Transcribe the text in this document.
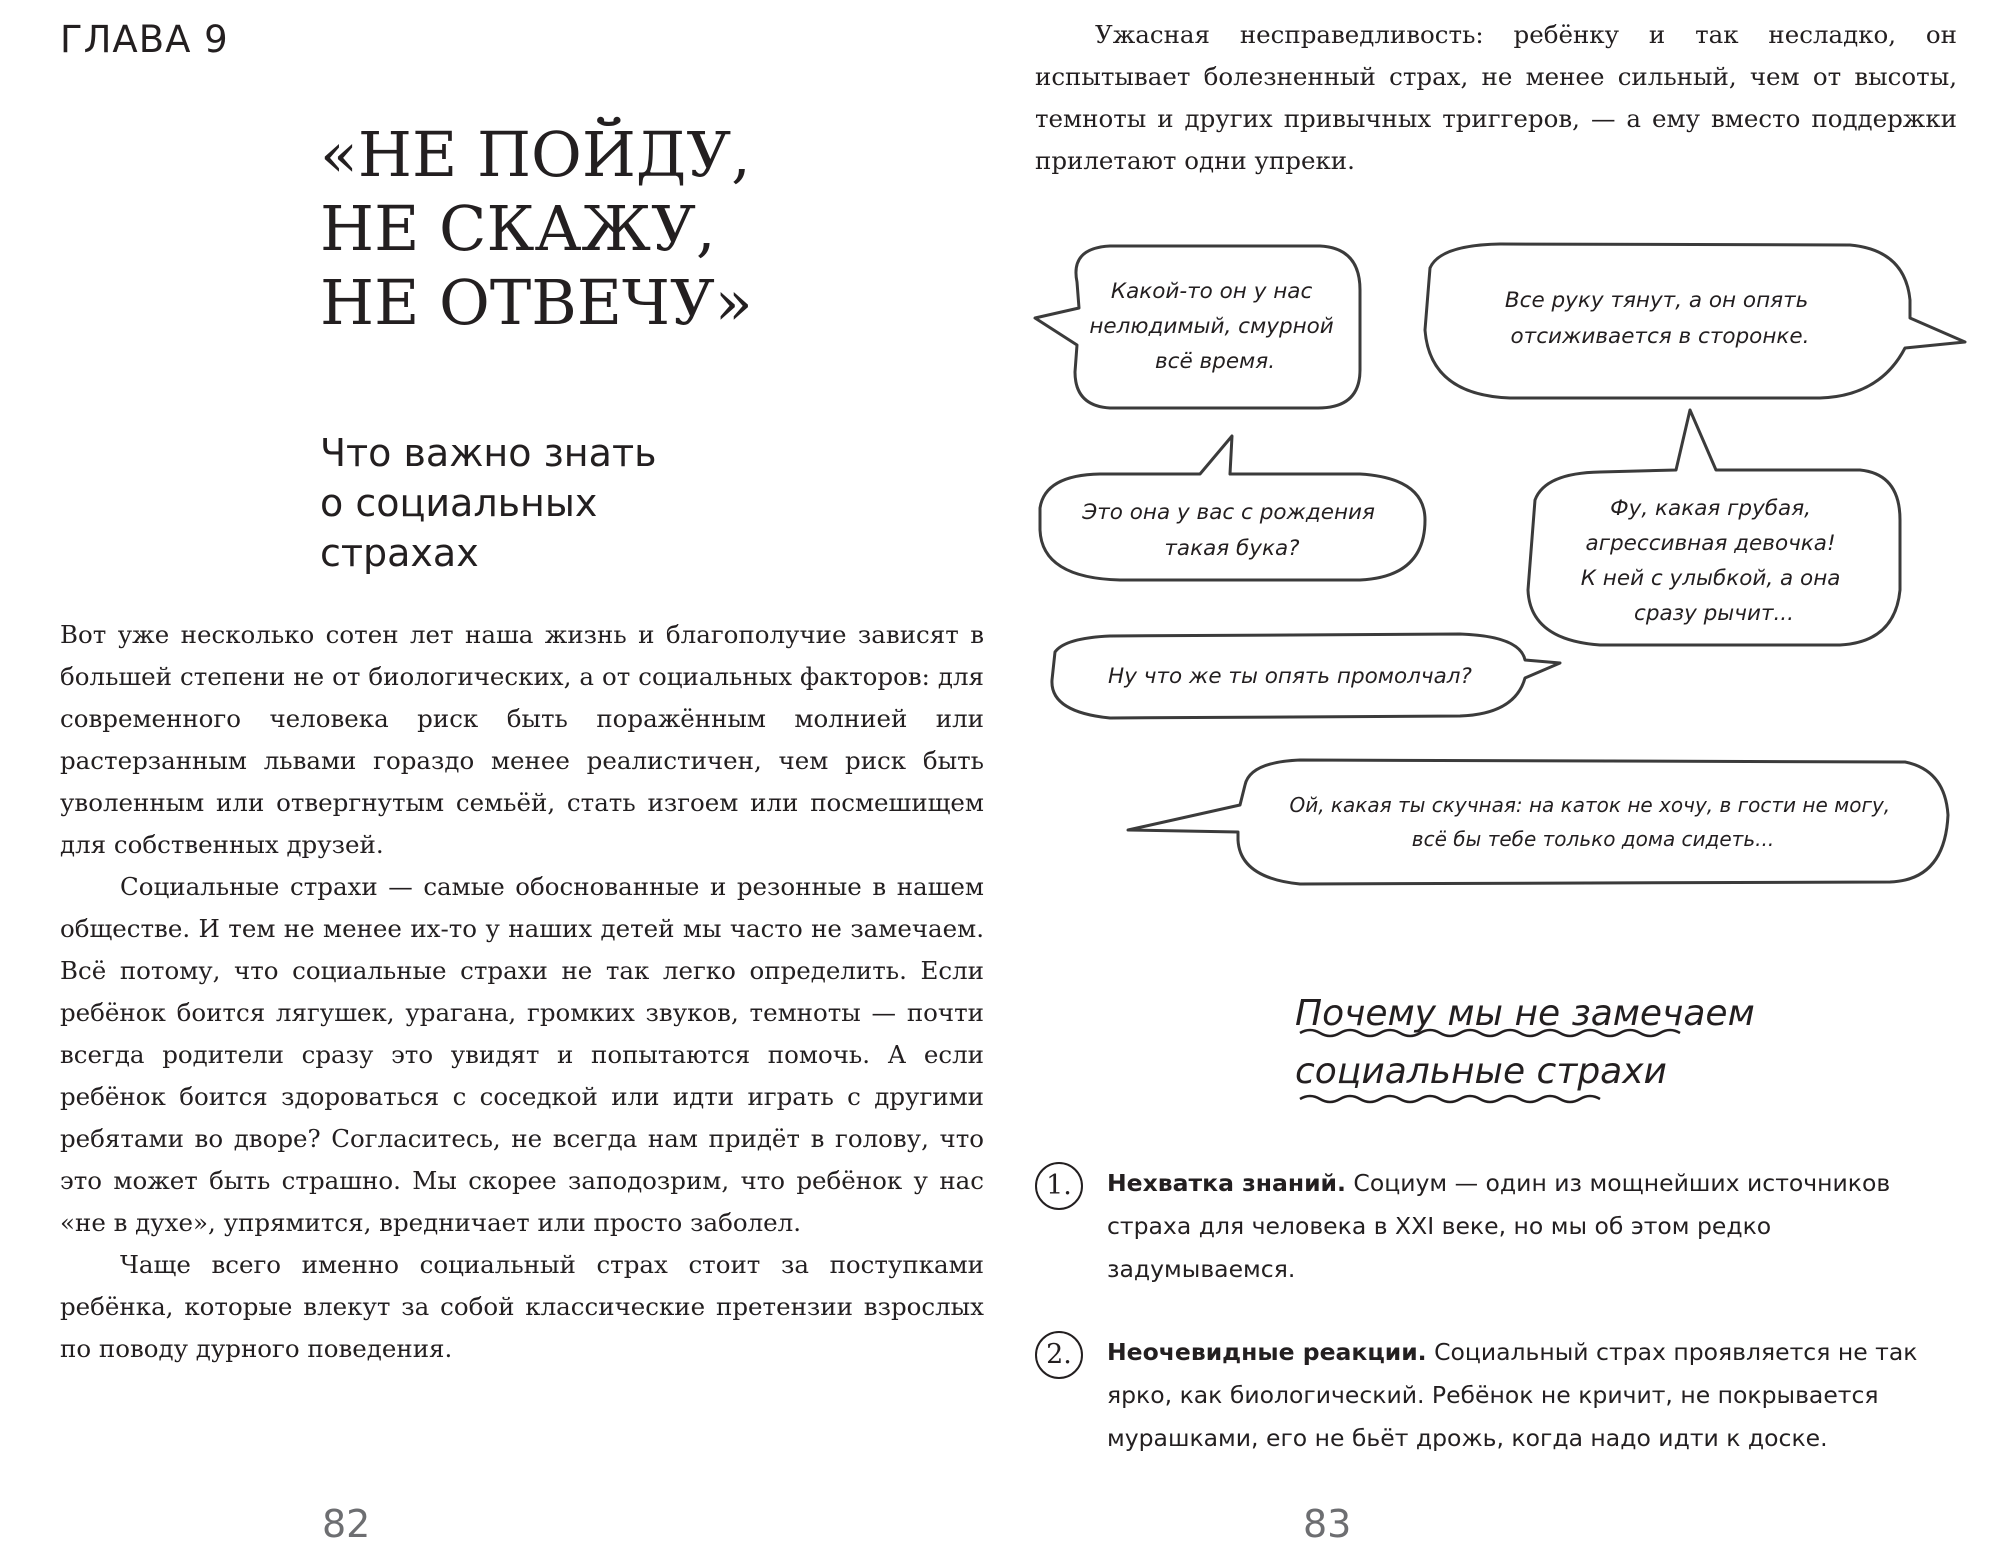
ГЛАВА 9
«НЕ ПОЙДУ,
НЕ СКАЖУ,
НЕ ОТВЕЧУ»
Что важно знать
о социальных
страхах

Вот уже несколько сотен лет наша жизнь и благополучие зависят в большей степени не от биологических, а от социальных факторов: для современного человека риск быть поражённым молнией или растерзанным львами гораздо менее реалистичен, чем риск быть уволенным или отвергнутым семьёй, стать изгоем или посмешищем для собственных друзей.

Социальные страхи — самые обоснованные и резонные в нашем обществе. И тем не менее их-то у наших детей мы часто не замечаем. Всё потому, что социальные страхи не так легко определить. Если ребёнок боится лягушек, урагана, громких звуков, темноты — почти всегда родители сразу это увидят и попытаются помочь. А если ребёнок боится здороваться с соседкой или идти играть с другими ребятами во дворе? Согласитесь, не всегда нам придёт в голову, что это может быть страшно. Мы скорее заподозрим, что ребёнок у нас «не в духе», упрямится, вредничает или просто заболел.

Чаще всего именно социальный страх стоит за поступками ребёнка, которые влекут за собой классические претензии взрослых по поводу дурного поведения.

82

Ужасная несправедливость: ребёнку и так несладко, он испытывает болезненный страх, не менее сильный, чем от высоты, темноты и других привычных триггеров, — а ему вместо поддержки прилетают одни упреки.

Какой-то он у нас нелюдимый, смурной всё время.
Все руку тянут, а он опять отсиживается в сторонке.
Это она у вас с рождения такая бука?
Фу, какая грубая, агрессивная девочка! К ней с улыбкой, а она сразу рычит...
Ну что же ты опять промолчал?
Ой, какая ты скучная: на каток не хочу, в гости не могу, всё бы тебе только дома сидеть...
Почему мы не замечаем
социальные страхи
1.	Нехватка знаний. Социум — один из мощнейших источников страха для человека в XXI веке, но мы об этом редко задумываемся.
2.	Неочевидные реакции. Социальный страх проявляется не так ярко, как биологический. Ребёнок не кричит, не покрывается мурашками, его не бьёт дрожь, когда надо идти к доске.
83
